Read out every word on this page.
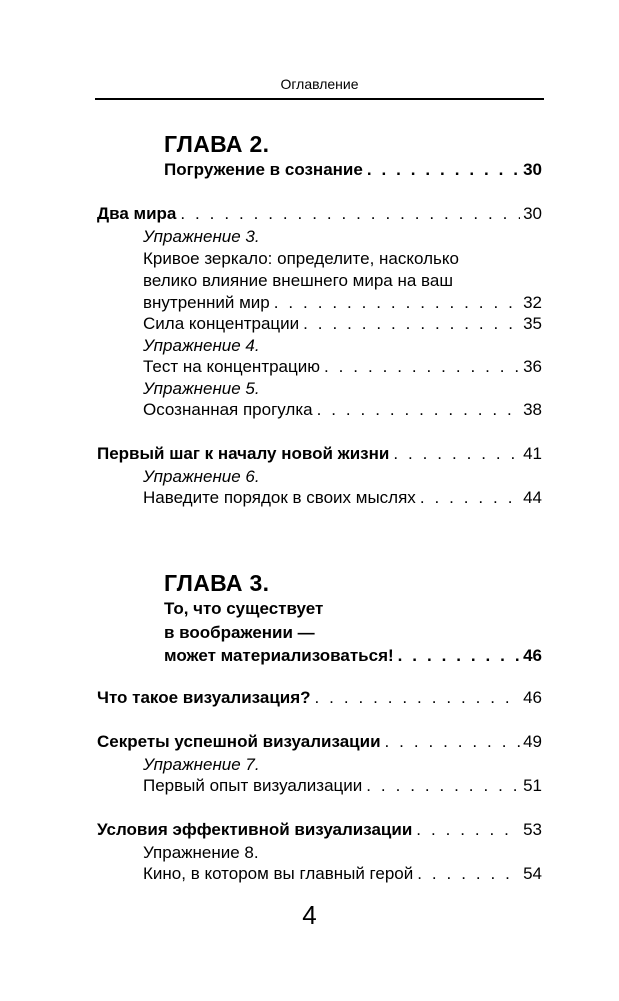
Оглавление
ГЛАВА 2.
Погружение в сознание . . .	30
Два мира . . .	30
Упражнение 3.
Кривое зеркало: определите, насколько
велико влияние внешнего мира на ваш
внутренний мир . . .	32
Сила концентрации . . .	35
Упражнение 4.
Тест на концентрацию . . .	36
Упражнение 5.
Осознанная прогулка . . .	38
Первый шаг к началу новой жизни . . .	41
Упражнение 6.
Наведите порядок в своих мыслях . . .	44
ГЛАВА 3.
То, что существует
в воображении —
может материализоваться! . . .	46
Что такое визуализация? . . .	46
Секреты успешной визуализации . . .	49
Упражнение 7.
Первый опыт визуализации . . .	51
Условия эффективной визуализации . . .	53
Упражнение 8.
Кино, в котором вы главный герой . . .	54
4
